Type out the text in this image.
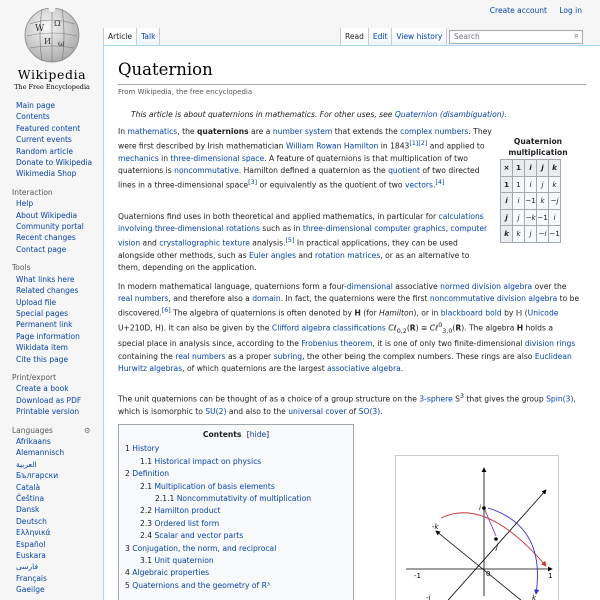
W
Ω
И ω
Wikipedia
The Free Encyclopedia
Create account Log in
Article	Talk	Read	Edit	View history	Search	⌕
Main page
Contents
Featured content
Current events
Random article
Donate to Wikipedia
Wikimedia Shop
Interaction
Help
About Wikipedia
Community portal
Recent changes
Contact page
Tools
What links here
Related changes
Upload file
Special pages
Permanent link
Page information
Wikidata item
Cite this page
Print/export
Create a book
Download as PDF
Printable version
Languages	⚙
Afrikaans
Alemannisch
العربية
Български
Català
Čeština
Dansk
Deutsch
Ελληνικά
Español
Euskara
فارسی
Français
Gaeilge
Quaternion
From Wikipedia, the free encyclopedia
This article is about quaternions in mathematics. For other uses, see Quaternion (disambiguation).
In mathematics, the quaternions are a number system that extends the complex numbers. They were first described by Irish mathematician William Rowan Hamilton in 1843[1][2] and applied to mechanics in three-dimensional space. A feature of quaternions is that multiplication of two quaternions is noncommutative. Hamilton defined a quaternion as the quotient of two directed lines in a three-dimensional space[3] or equivalently as the quotient of two vectors.[4]
Quaternions find uses in both theoretical and applied mathematics, in particular for calculations involving three-dimensional rotations such as in three-dimensional computer graphics, computer vision and crystallographic texture analysis.[5] In practical applications, they can be used alongside other methods, such as Euler angles and rotation matrices, or as an alternative to them, depending on the application.
In modern mathematical language, quaternions form a four-dimensional associative normed division algebra over the real numbers, and therefore also a domain. In fact, the quaternions were the first noncommutative division algebra to be discovered.[6] The algebra of quaternions is often denoted by H (for Hamilton), or in blackboard bold by ℍ (Unicode U+210D, H). It can also be given by the Clifford algebra classifications Cℓ$_{0,2}$(R) ≅ Cℓ$^0_{3,0}$(R). The algebra H holds a special place in analysis since, according to the Frobenius theorem, it is one of only two finite-dimensional division rings containing the real numbers as a proper subring, the other being the complex numbers. These rings are also Euclidean Hurwitz algebras, of which quaternions are the largest associative algebra.
The unit quaternions can be thought of as a choice of a group structure on the 3-sphere $S^3$ that gives the group Spin(3), which is isomorphic to SU(2) and also to the universal cover of SO(3).
Quaternion
multiplication
×	1	i	j	k
1	1	i	j	k
i	i	−1	k	−j
j	j	−k	−1	i
k	k	j	−i	−1
Contents [hide]
1 History
1.1 Historical impact on physics
2 Definition
2.1 Multiplication of basis elements
2.1.1 Noncommutativity of multiplication
2.2 Hamilton product
2.3 Ordered list form
2.4 Scalar and vector parts
3 Conjugation, the norm, and reciprocal
3.1 Unit quaternion
4 Algebraic properties
5 Quaternions and the geometry of R³
i
-k
j
1
-1	0
k
-j
